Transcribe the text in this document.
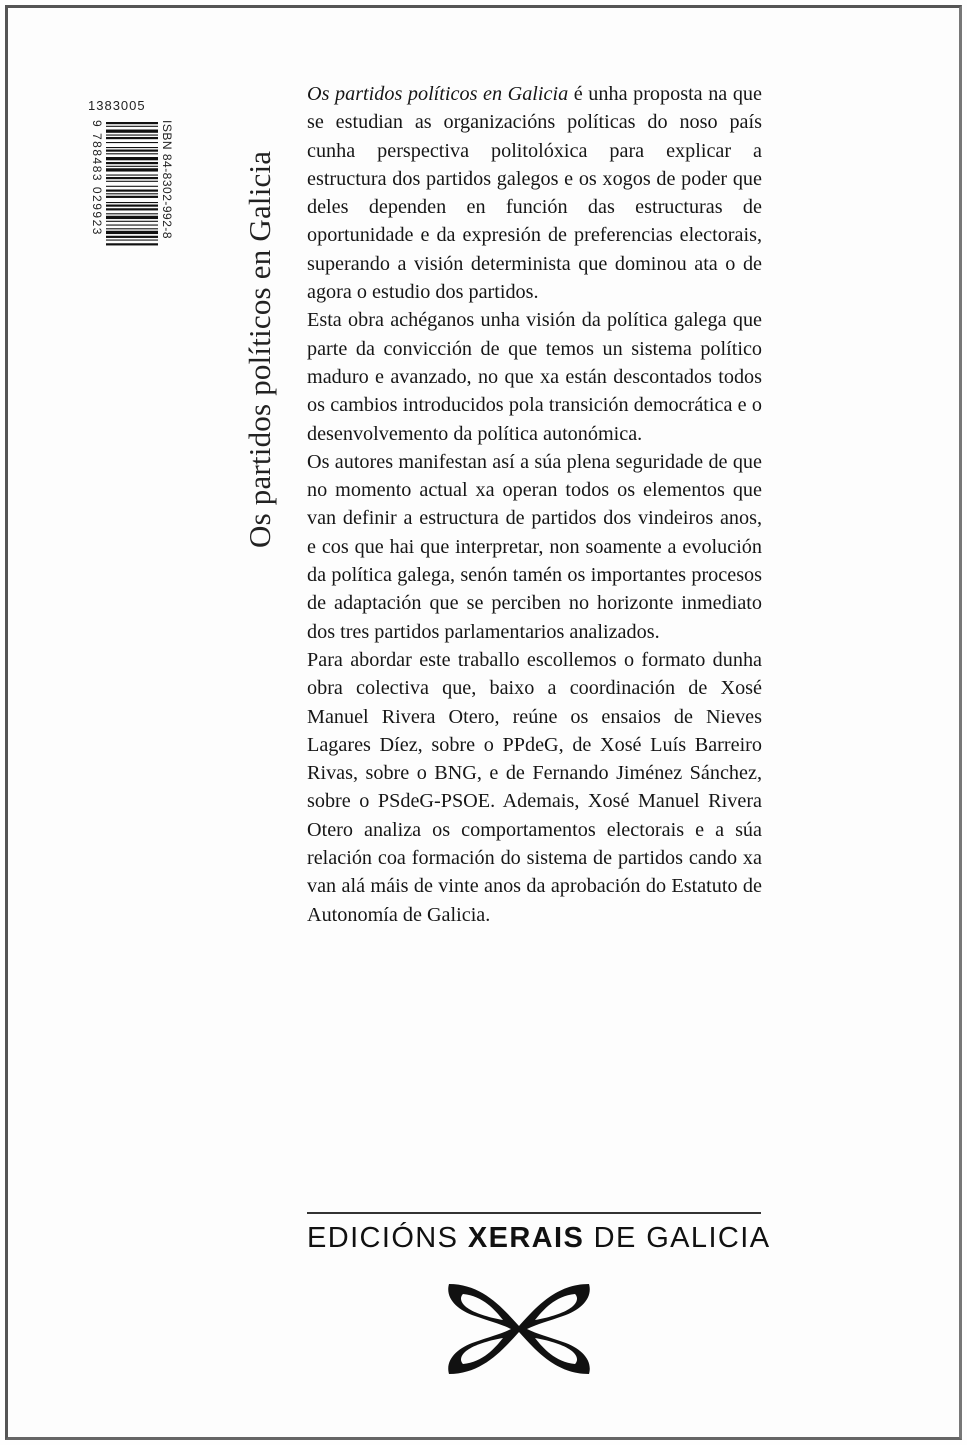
1383005
ISBN 84-8302-992-8
9 788483 029923	Os partidos políticos en Galicia

Os partidos políticos en Galicia é unha proposta na que se estudian as organizacións políticas do noso país cunha perspectiva politolóxica para explicar a estructura dos partidos galegos e os xogos de poder que deles dependen en función das estructuras de oportunidade e da expresión de preferencias electorais, superando a visión determinista que dominou ata o de agora o estudio dos partidos.

Esta obra achéganos unha visión da política galega que parte da convicción de que temos un sistema político maduro e avanzado, no que xa están descontados todos os cambios introducidos pola transición democrática e o desenvolvemento da política autonómica.

Os autores manifestan así a súa plena seguridade de que no momento actual xa operan todos os elementos que van definir a estructura de partidos dos vindeiros anos, e cos que hai que interpretar, non soamente a evolución da política galega, senón tamén os importantes procesos de adaptación que se perciben no horizonte inmediato dos tres partidos parlamentarios analizados.

Para abordar este traballo escollemos o formato dunha obra colectiva que, baixo a coordinación de Xosé Manuel Rivera Otero, reúne os ensaios de Nieves Lagares Díez, sobre o PPdeG, de Xosé Luís Barreiro Rivas, sobre o BNG, e de Fernando Jiménez Sánchez, sobre o PSdeG-PSOE. Ademais, Xosé Manuel Rivera Otero analiza os comportamentos electorais e a súa relación coa formación do sistema de partidos cando xa van alá máis de vinte anos da aprobación do Estatuto de Autonomía de Galicia.

EDICIÓNS XERAIS DE GALICIA
